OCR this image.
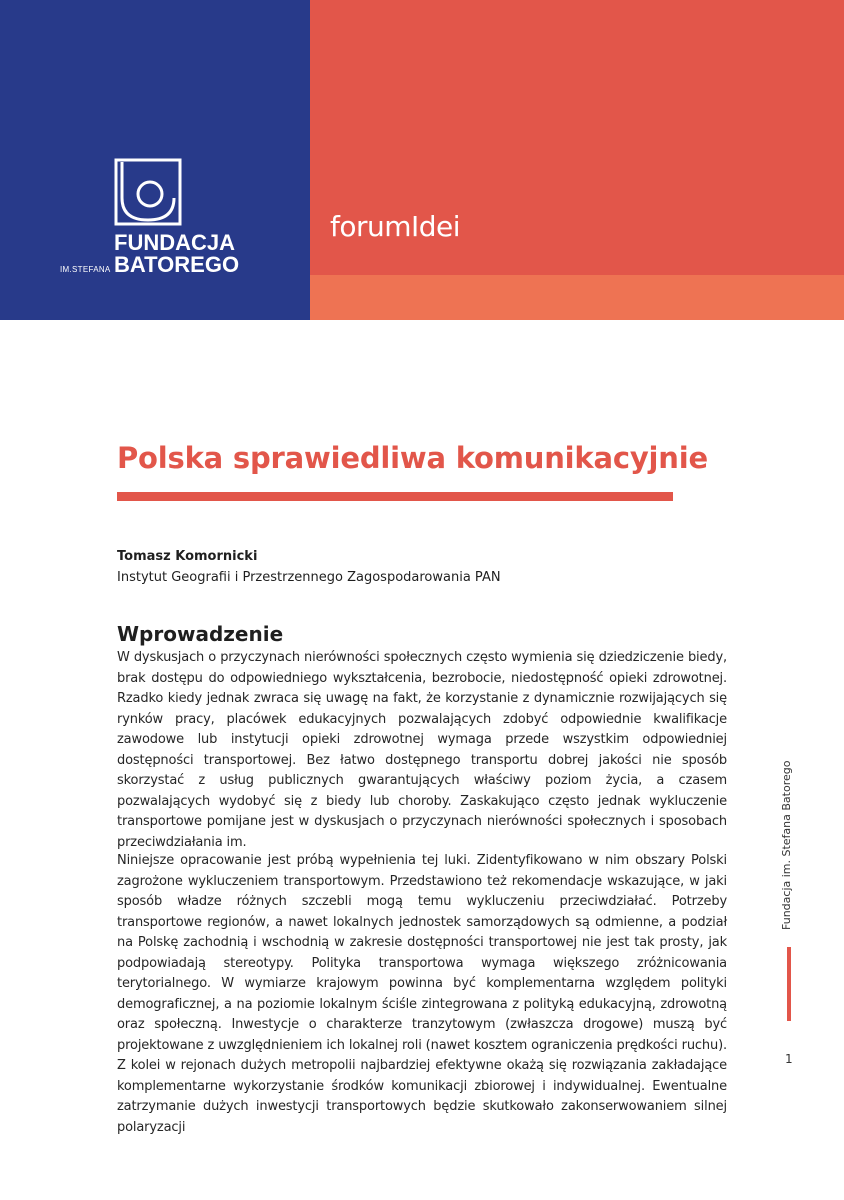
FUNDACJA
IM.STEFANA BATOREGO
forumIdei
Polska sprawiedliwa komunikacyjnie
Tomasz Komornicki
Instytut Geografii i Przestrzennego Zagospodarowania PAN
Wprowadzenie

W dyskusjach o przyczynach nierówności społecznych często wymienia się dziedziczenie biedy, brak dostępu do odpowiedniego wykształcenia, bezrobocie, niedostępność opieki zdrowotnej. Rzadko kiedy jednak zwraca się uwagę na fakt, że korzystanie z dynamicznie rozwijających się rynków pracy, placówek edukacyjnych pozwalających zdobyć odpowiednie kwalifikacje zawodowe lub instytucji opieki zdrowotnej wymaga przede wszystkim odpowiedniej dostępności transportowej. Bez łatwo dostępnego transportu dobrej jakości nie sposób skorzystać z usług publicznych gwarantujących właściwy poziom życia, a czasem pozwalających wydobyć się z biedy lub choroby. Zaskakująco często jednak wykluczenie transportowe pomijane jest w dyskusjach o przyczynach nierówności społecznych i sposobach przeciwdziałania im.

Niniejsze opracowanie jest próbą wypełnienia tej luki. Zidentyfikowano w nim obszary Polski zagrożone wykluczeniem transportowym. Przedstawiono też rekomendacje wskazujące, w jaki sposób władze różnych szczebli mogą temu wykluczeniu przeciwdziałać. Potrzeby transportowe regionów, a nawet lokalnych jednostek samorządowych są odmienne, a podział na Polskę zachodnią i wschodnią w zakresie dostępności transportowej nie jest tak prosty, jak podpowiadają stereotypy. Polityka transportowa wymaga większego zróżnicowania terytorialnego. W wymiarze krajowym powinna być komplementarna względem polityki demograficznej, a na poziomie lokalnym ściśle zintegrowana z polityką edukacyjną, zdrowotną oraz społeczną. Inwestycje o charakterze tranzytowym (zwłaszcza drogowe) muszą być projektowane z uwzględnieniem ich lokalnej roli (nawet kosztem ograniczenia prędkości ruchu). Z kolei w rejonach dużych metropolii najbardziej efektywne okażą się rozwiązania zakładające komplementarne wykorzystanie środków komunikacji zbiorowej i indywidualnej. Ewentualne zatrzymanie dużych inwestycji transportowych będzie skutkowało zakonserwowaniem silnej polaryzacji

Fundacja im. Stefana Batorego
1
